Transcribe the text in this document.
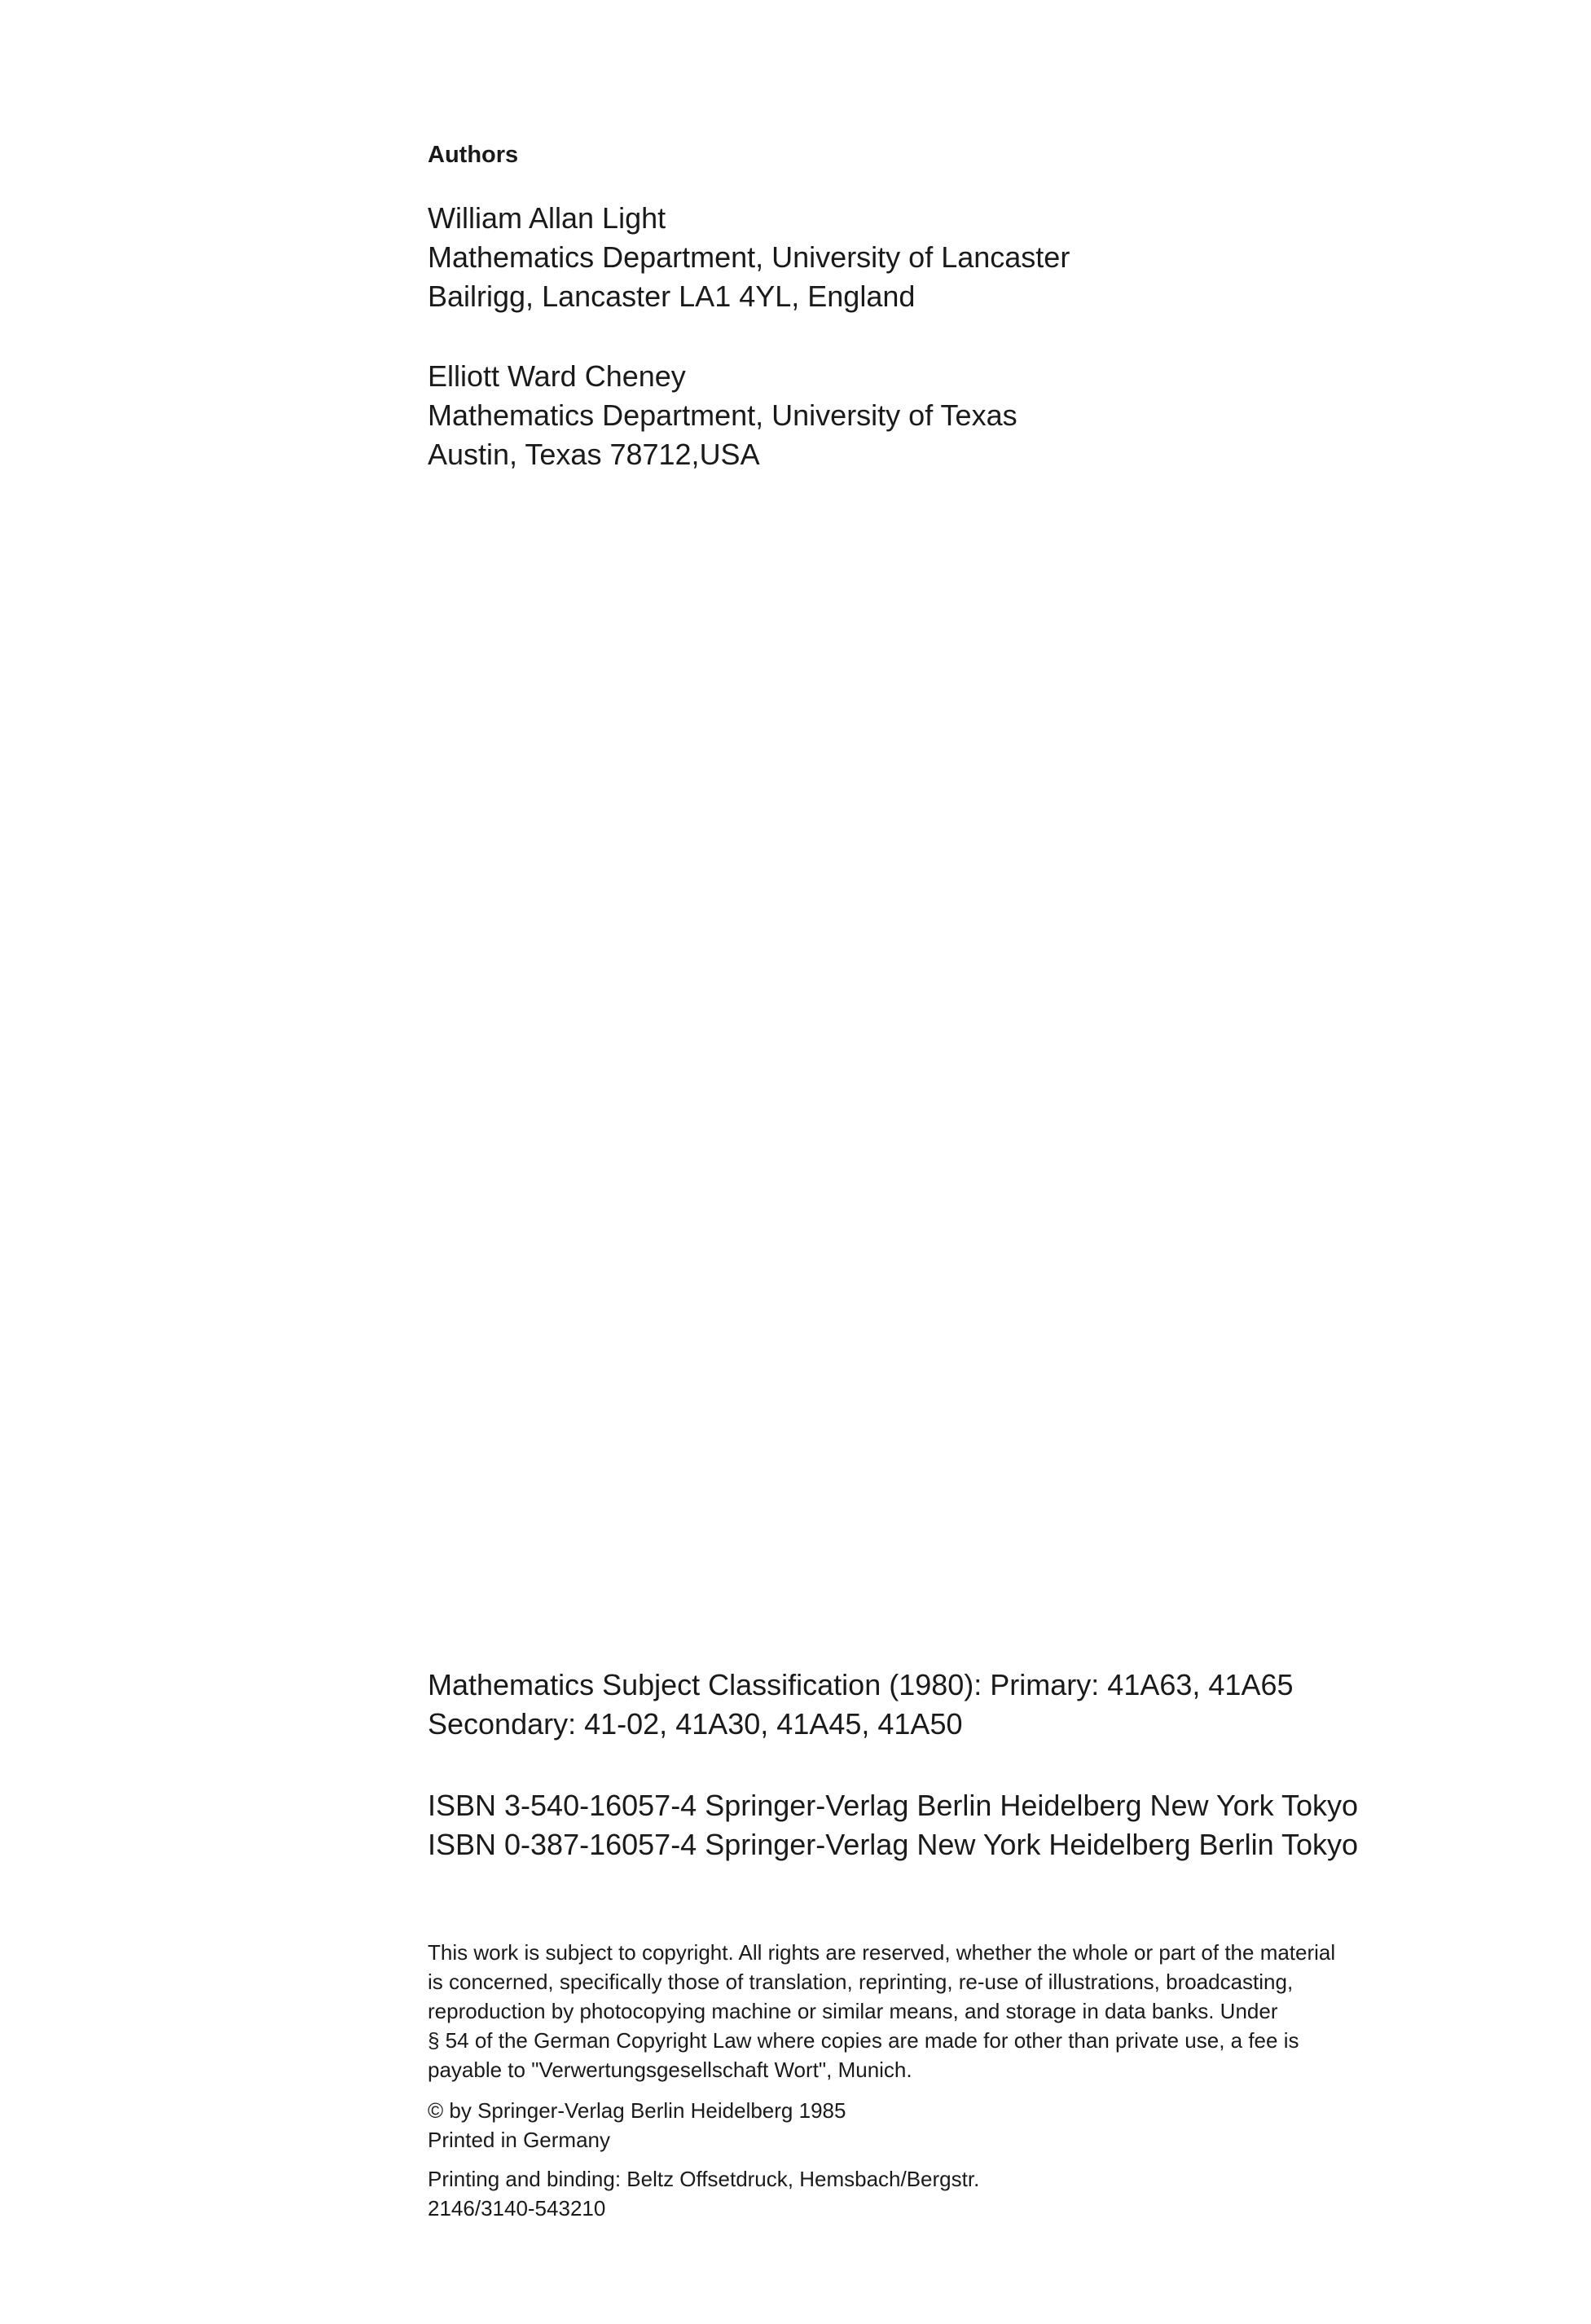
Authors
William Allan Light
Mathematics Department, University of Lancaster
Bailrigg, Lancaster LA1 4YL, England
Elliott Ward Cheney
Mathematics Department, University of Texas
Austin, Texas 78712,USA
Mathematics Subject Classification (1980): Primary: 41A63, 41A65
Secondary: 41-02, 41A30, 41A45, 41A50
ISBN 3-540-16057-4 Springer-Verlag Berlin Heidelberg New York Tokyo
ISBN 0-387-16057-4 Springer-Verlag New York Heidelberg Berlin Tokyo
This work is subject to copyright. All rights are reserved, whether the whole or part of the material
is concerned, specifically those of translation, reprinting, re-use of illustrations, broadcasting,
reproduction by photocopying machine or similar means, and storage in data banks. Under
§ 54 of the German Copyright Law where copies are made for other than private use, a fee is
payable to "Verwertungsgesellschaft Wort", Munich.
© by Springer-Verlag Berlin Heidelberg 1985
Printed in Germany
Printing and binding: Beltz Offsetdruck, Hemsbach/Bergstr.
2146/3140-543210
